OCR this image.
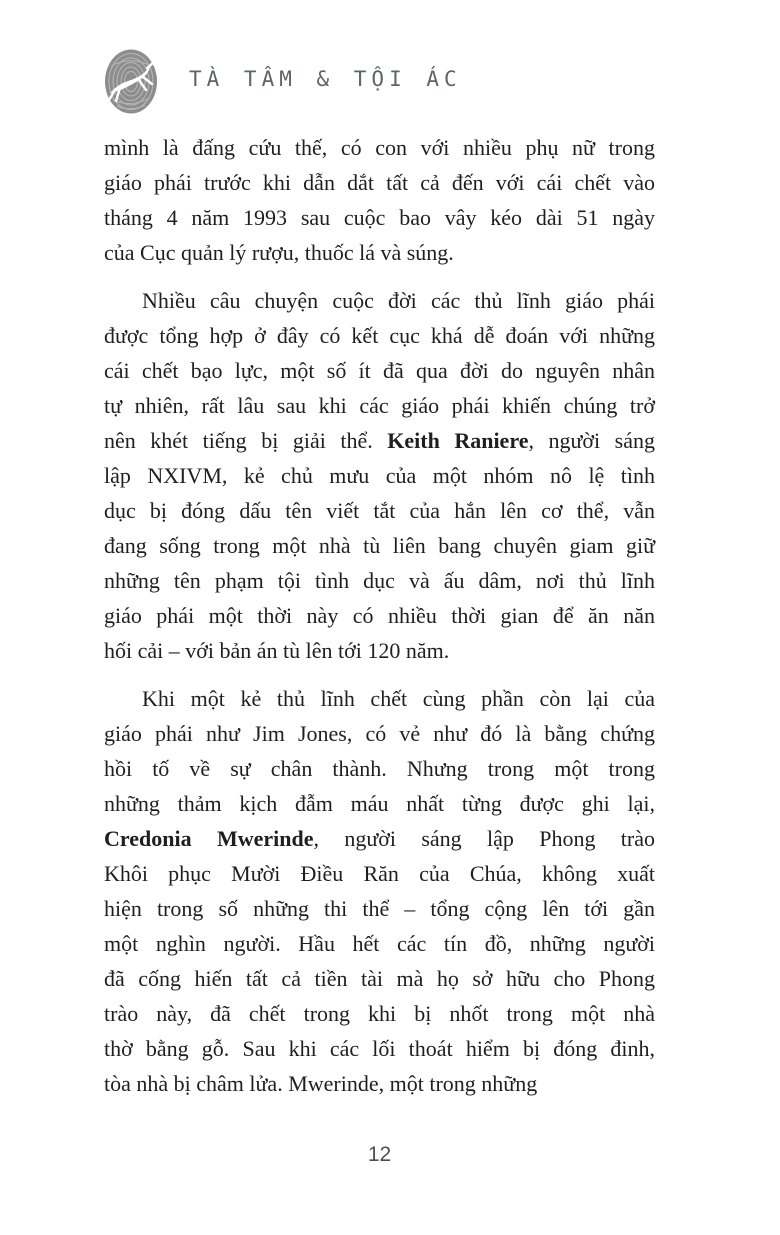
TÀ TÂM & TỘI ÁC
mình là đấng cứu thế, có con với nhiều phụ nữ trong
giáo phái trước khi dẫn dắt tất cả đến với cái chết vào
tháng 4 năm 1993 sau cuộc bao vây kéo dài 51 ngày
của Cục quản lý rượu, thuốc lá và súng.
Nhiều câu chuyện cuộc đời các thủ lĩnh giáo phái
được tổng hợp ở đây có kết cục khá dễ đoán với những
cái chết bạo lực, một số ít đã qua đời do nguyên nhân
tự nhiên, rất lâu sau khi các giáo phái khiến chúng trở
nên khét tiếng bị giải thể. Keith Raniere, người sáng
lập NXIVM, kẻ chủ mưu của một nhóm nô lệ tình
dục bị đóng dấu tên viết tắt của hắn lên cơ thể, vẫn
đang sống trong một nhà tù liên bang chuyên giam giữ
những tên phạm tội tình dục và ấu dâm, nơi thủ lĩnh
giáo phái một thời này có nhiều thời gian để ăn năn
hối cải – với bản án tù lên tới 120 năm.
Khi một kẻ thủ lĩnh chết cùng phần còn lại của
giáo phái như Jim Jones, có vẻ như đó là bằng chứng
hồi tố về sự chân thành. Nhưng trong một trong
những thảm kịch đẫm máu nhất từng được ghi lại,
Credonia Mwerinde, người sáng lập Phong trào
Khôi phục Mười Điều Răn của Chúa, không xuất
hiện trong số những thi thể – tổng cộng lên tới gần
một nghìn người. Hầu hết các tín đồ, những người
đã cống hiến tất cả tiền tài mà họ sở hữu cho Phong
trào này, đã chết trong khi bị nhốt trong một nhà
thờ bằng gỗ. Sau khi các lối thoát hiểm bị đóng đinh,
tòa nhà bị châm lửa. Mwerinde, một trong những
12
